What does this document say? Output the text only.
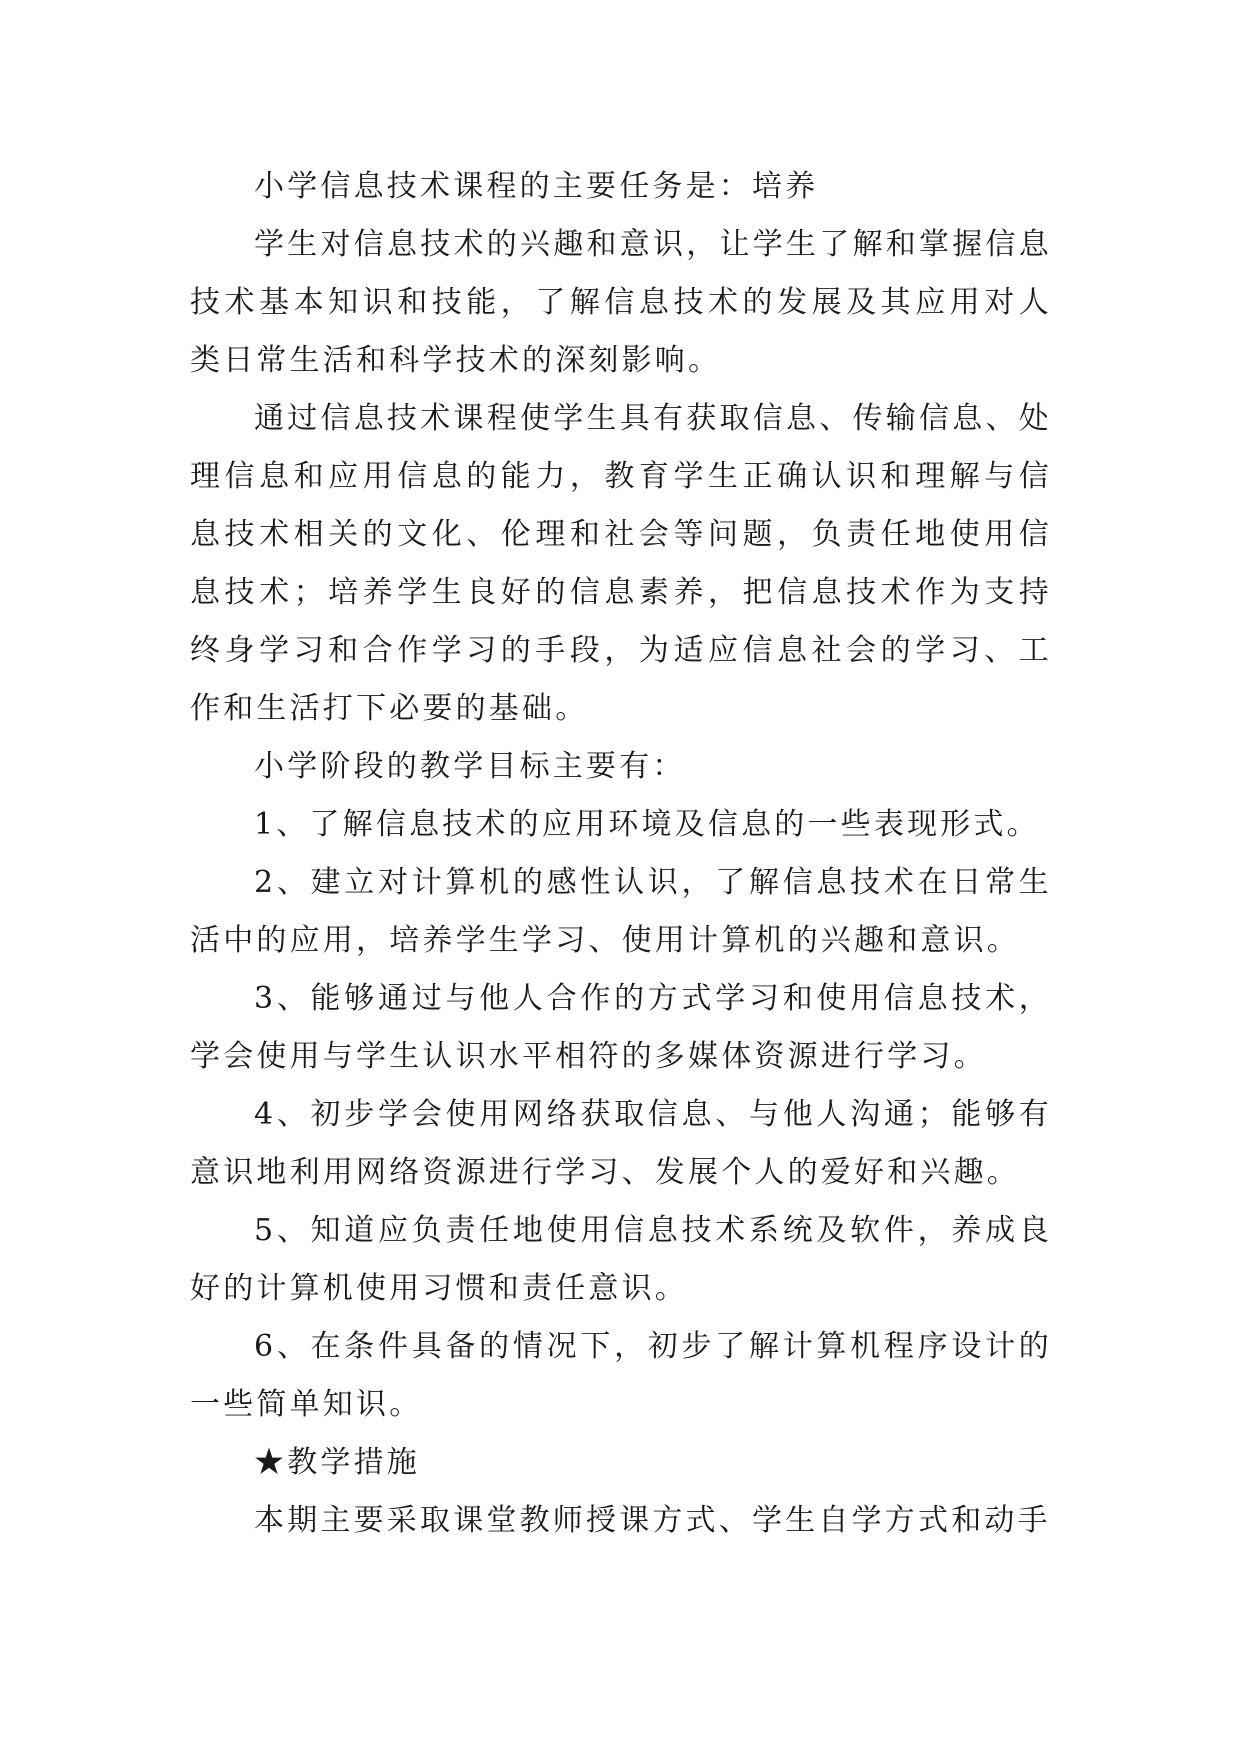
小学信息技术课程的主要任务是：培养

学生对信息技术的兴趣和意识，让学生了解和掌握信息技术基本知识和技能，了解信息技术的发展及其应用对人类日常生活和科学技术的深刻影响。

通过信息技术课程使学生具有获取信息、传输信息、处理信息和应用信息的能力，教育学生正确认识和理解与信息技术相关的文化、伦理和社会等问题，负责任地使用信息技术；培养学生良好的信息素养，把信息技术作为支持终身学习和合作学习的手段，为适应信息社会的学习、工作和生活打下必要的基础。

小学阶段的教学目标主要有：

1、了解信息技术的应用环境及信息的一些表现形式。

2、建立对计算机的感性认识，了解信息技术在日常生活中的应用，培养学生学习、使用计算机的兴趣和意识。

3、能够通过与他人合作的方式学习和使用信息技术，学会使用与学生认识水平相符的多媒体资源进行学习。

4、初步学会使用网络获取信息、与他人沟通；能够有意识地利用网络资源进行学习、发展个人的爱好和兴趣。

5、知道应负责任地使用信息技术系统及软件，养成良好的计算机使用习惯和责任意识。

6、在条件具备的情况下，初步了解计算机程序设计的一些简单知识。

★教学措施

本期主要采取课堂教师授课方式、学生自学方式和动手
